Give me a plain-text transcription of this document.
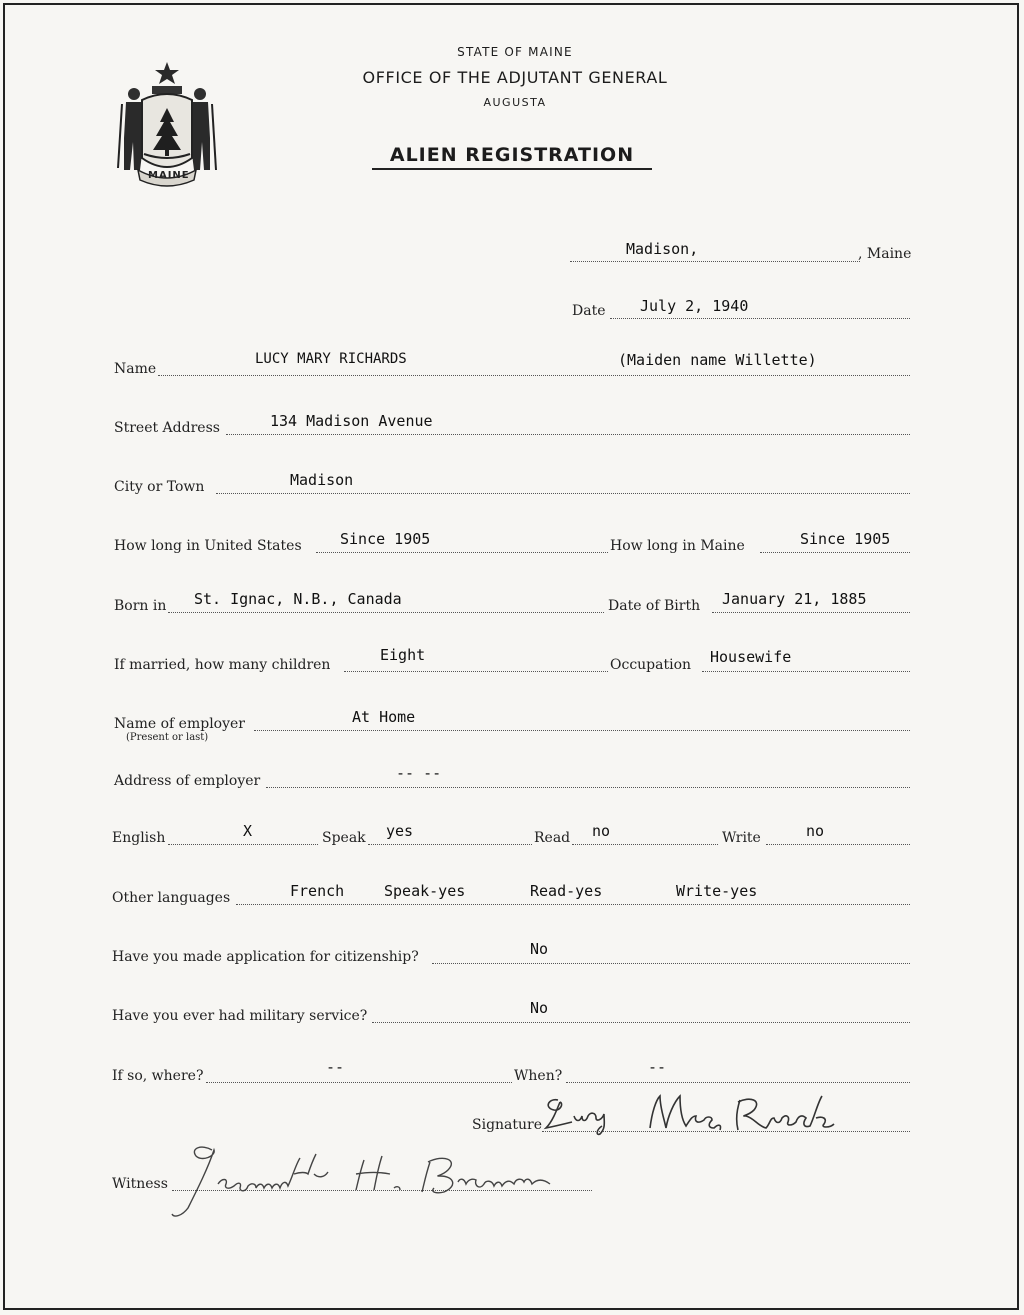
MAINE
STATE OF MAINE
OFFICE OF THE ADJUTANT GENERAL
AUGUSTA
ALIEN REGISTRATION
Madison,	, Maine
Date July 2, 1940
Name
LUCY MARY RICHARDS	(Maiden name Willette)
Street Address	134 Madison Avenue
City or Town	Madison
How long in United States	Since 1905	How long in Maine	Since 1905
Born in St. Ignac, N.B., Canada	Date of Birth January 21, 1885
If married, how many children
Eight
Occupation Housewife
Name of employer
(Present or last)
At Home
Address of employer	-- --
English	X	Speak yes	Read no	Write	no
Other languages	French	Speak-yes	Read-yes	Write-yes
Have you made application for citizenship?	No
Have you ever had military service?	No
If so, where?	--	When?	--
Signature
Witness
